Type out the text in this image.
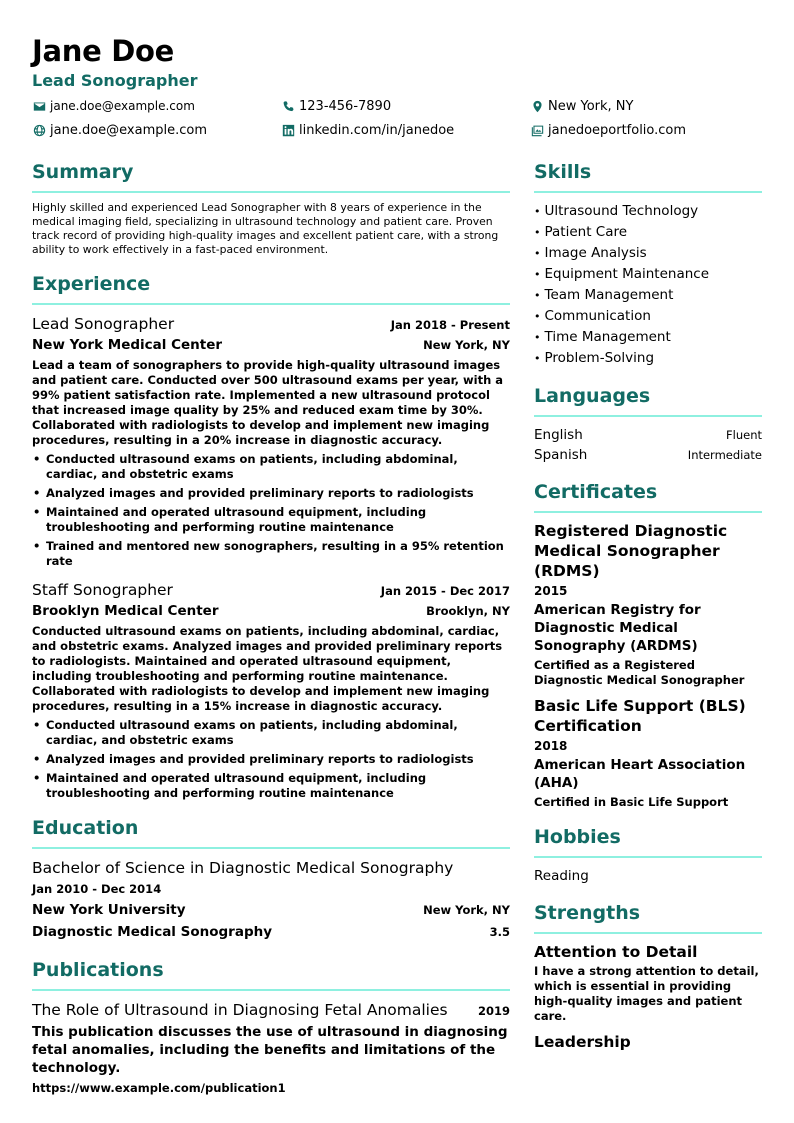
Jane Doe
Lead Sonographer
jane.doe@example.com	123-456-7890	New York, NY
jane.doe@example.com	linkedin.com/in/janedoe	janedoeportfolio.com
Summary
Highly skilled and experienced Lead Sonographer with 8 years of experience in the medical imaging field, specializing in ultrasound technology and patient care. Proven track record of providing high-quality images and excellent patient care, with a strong ability to work effectively in a fast-paced environment.
Experience
Lead Sonographer	Jan 2018 - Present
New York Medical Center	New York, NY
Lead a team of sonographers to provide high-quality ultrasound images and patient care. Conducted over 500 ultrasound exams per year, with a 99% patient satisfaction rate. Implemented a new ultrasound protocol that increased image quality by 25% and reduced exam time by 30%. Collaborated with radiologists to develop and implement new imaging procedures, resulting in a 20% increase in diagnostic accuracy.
• Conducted ultrasound exams on patients, including abdominal, cardiac, and obstetric exams
• Analyzed images and provided preliminary reports to radiologists
• Maintained and operated ultrasound equipment, including troubleshooting and performing routine maintenance
• Trained and mentored new sonographers, resulting in a 95% retention rate
Staff Sonographer	Jan 2015 - Dec 2017
Brooklyn Medical Center	Brooklyn, NY
Conducted ultrasound exams on patients, including abdominal, cardiac, and obstetric exams. Analyzed images and provided preliminary reports to radiologists. Maintained and operated ultrasound equipment, including troubleshooting and performing routine maintenance. Collaborated with radiologists to develop and implement new imaging procedures, resulting in a 15% increase in diagnostic accuracy.
• Conducted ultrasound exams on patients, including abdominal, cardiac, and obstetric exams
• Analyzed images and provided preliminary reports to radiologists
• Maintained and operated ultrasound equipment, including troubleshooting and performing routine maintenance
Education
Bachelor of Science in Diagnostic Medical Sonography
Jan 2010 - Dec 2014
New York University	New York, NY
Diagnostic Medical Sonography	3.5
Publications
The Role of Ultrasound in Diagnosing Fetal Anomalies	2019
This publication discusses the use of ultrasound in diagnosing fetal anomalies, including the benefits and limitations of the technology.
https://www.example.com/publication1
Skills
• Ultrasound Technology
• Patient Care
• Image Analysis
• Equipment Maintenance
• Team Management
• Communication
• Time Management
• Problem-Solving
Languages
English	Fluent
Spanish	Intermediate
Certificates
Registered Diagnostic Medical Sonographer (RDMS)
2015
American Registry for Diagnostic Medical Sonography (ARDMS)
Certified as a Registered Diagnostic Medical Sonographer
Basic Life Support (BLS) Certification
2018
American Heart Association (AHA)
Certified in Basic Life Support
Hobbies
Reading
Strengths
Attention to Detail
I have a strong attention to detail, which is essential in providing high-quality images and patient care.
Leadership
